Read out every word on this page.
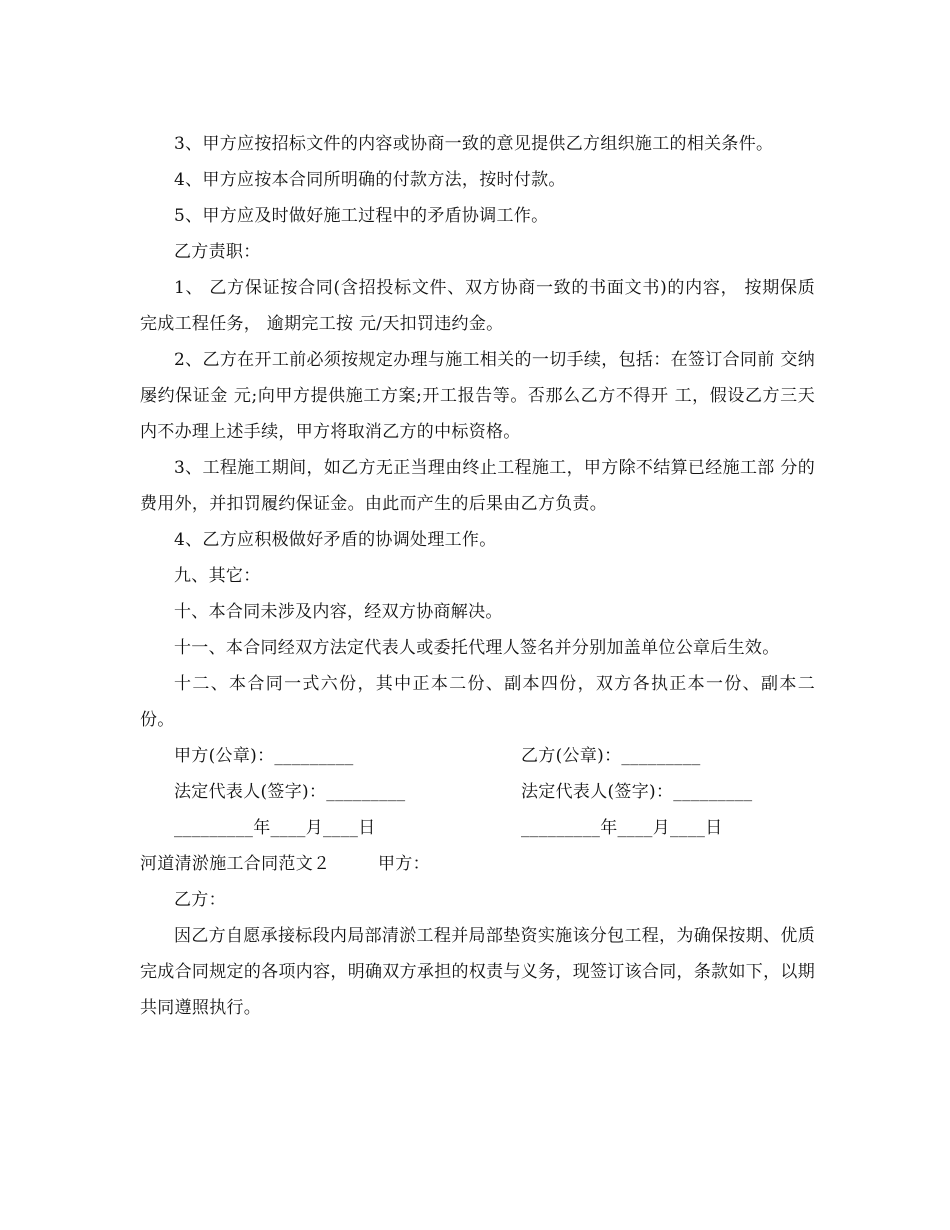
3、甲方应按招标文件的内容或协商一致的意见提供乙方组织施工的相关条件。

4、甲方应按本合同所明确的付款方法，按时付款。

5、甲方应及时做好施工过程中的矛盾协调工作。

乙方责职：

1、 乙方保证按合同(含招投标文件、双方协商一致的书面文书)的内容， 按期保质完成工程任务， 逾期完工按 元/天扣罚违约金。

2、乙方在开工前必须按规定办理与施工相关的一切手续，包括：在签订合同前 交纳屡约保证金 元;向甲方提供施工方案;开工报告等。否那么乙方不得开 工，假设乙方三天内不办理上述手续，甲方将取消乙方的中标资格。

3、工程施工期间，如乙方无正当理由终止工程施工，甲方除不结算已经施工部 分的费用外，并扣罚履约保证金。由此而产生的后果由乙方负责。

4、乙方应积极做好矛盾的协调处理工作。

九、其它：

十、本合同未涉及内容，经双方协商解决。

十一、本合同经双方法定代表人或委托代理人签名并分别加盖单位公章后生效。

十二、本合同一式六份，其中正本二份、副本四份，双方各执正本一份、副本二 份。

甲方(公章)：_________	乙方(公章)：_________
法定代表人(签字)：_________	法定代表人(签字)：_________
_________年____月____日	_________年____月____日

河道清淤施工合同范文２

	甲方：

乙方：

因乙方自愿承接标段内局部清淤工程并局部垫资实施该分包工程，为确保按期、优质完成合同规定的各项内容，明确双方承担的权责与义务，现签订该合同，条款如下，以期共同遵照执行。
